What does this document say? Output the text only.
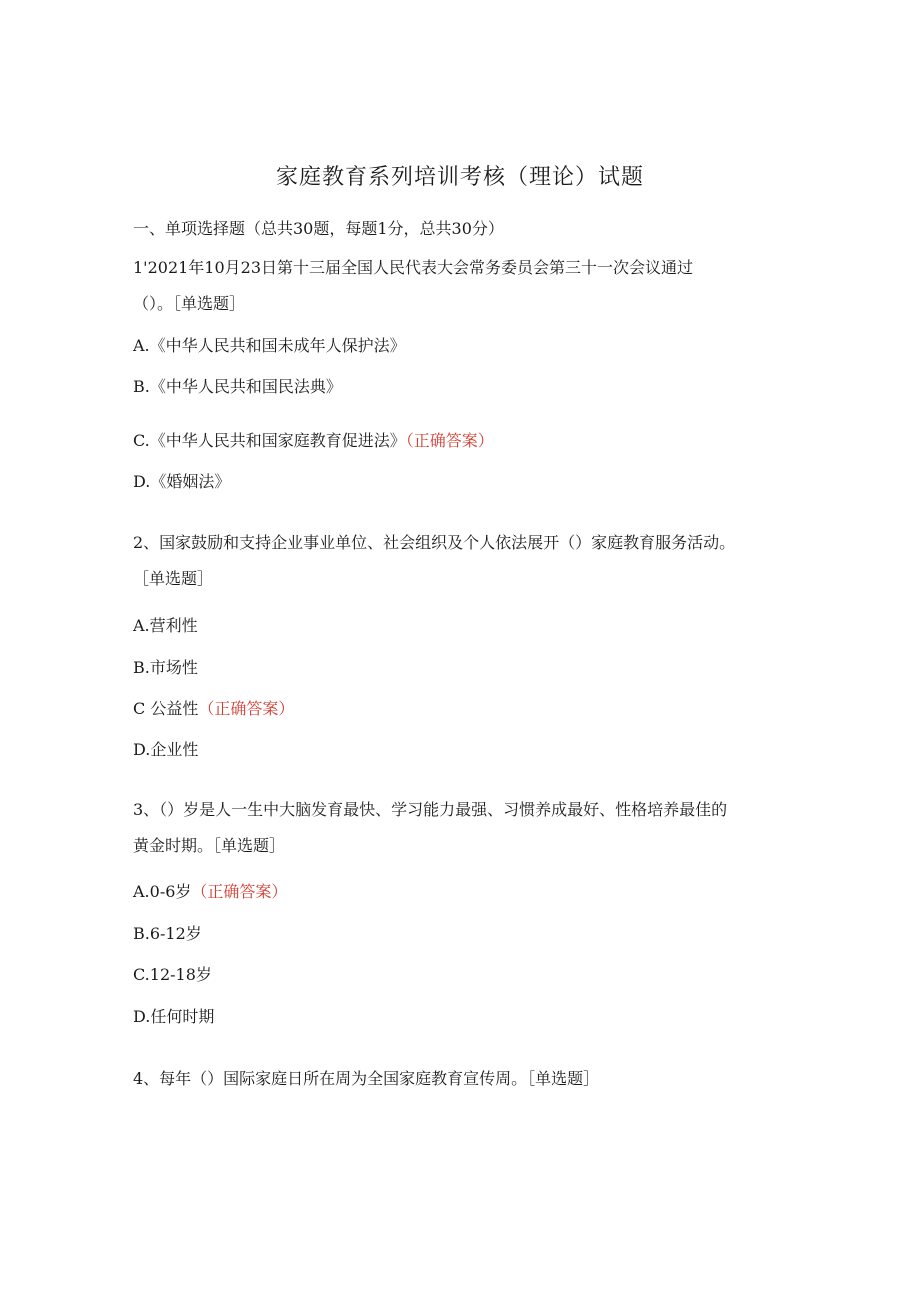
家庭教育系列培训考核（理论）试题
一、单项选择题（总共30题，每题1分，总共30分）
1'2021年10月23日第十三届全国人民代表大会常务委员会第三十一次会议通过
（）。［单选题］
A.《中华人民共和国未成年人保护法》
B.《中华人民共和国民法典》
C.《中华人民共和国家庭教育促进法》（正确答案）
D.《婚姻法》
2、国家鼓励和支持企业事业单位、社会组织及个人依法展开（）家庭教育服务活动。
［单选题］
A.营利性
B.市场性
C 公益性（正确答案）
D.企业性
3、（）岁是人一生中大脑发育最快、学习能力最强、习惯养成最好、性格培养最佳的
黄金时期。［单选题］
A.0-6岁（正确答案）
B.6-12岁
C.12-18岁
D.任何时期
4、每年（）国际家庭日所在周为全国家庭教育宣传周。［单选题］
